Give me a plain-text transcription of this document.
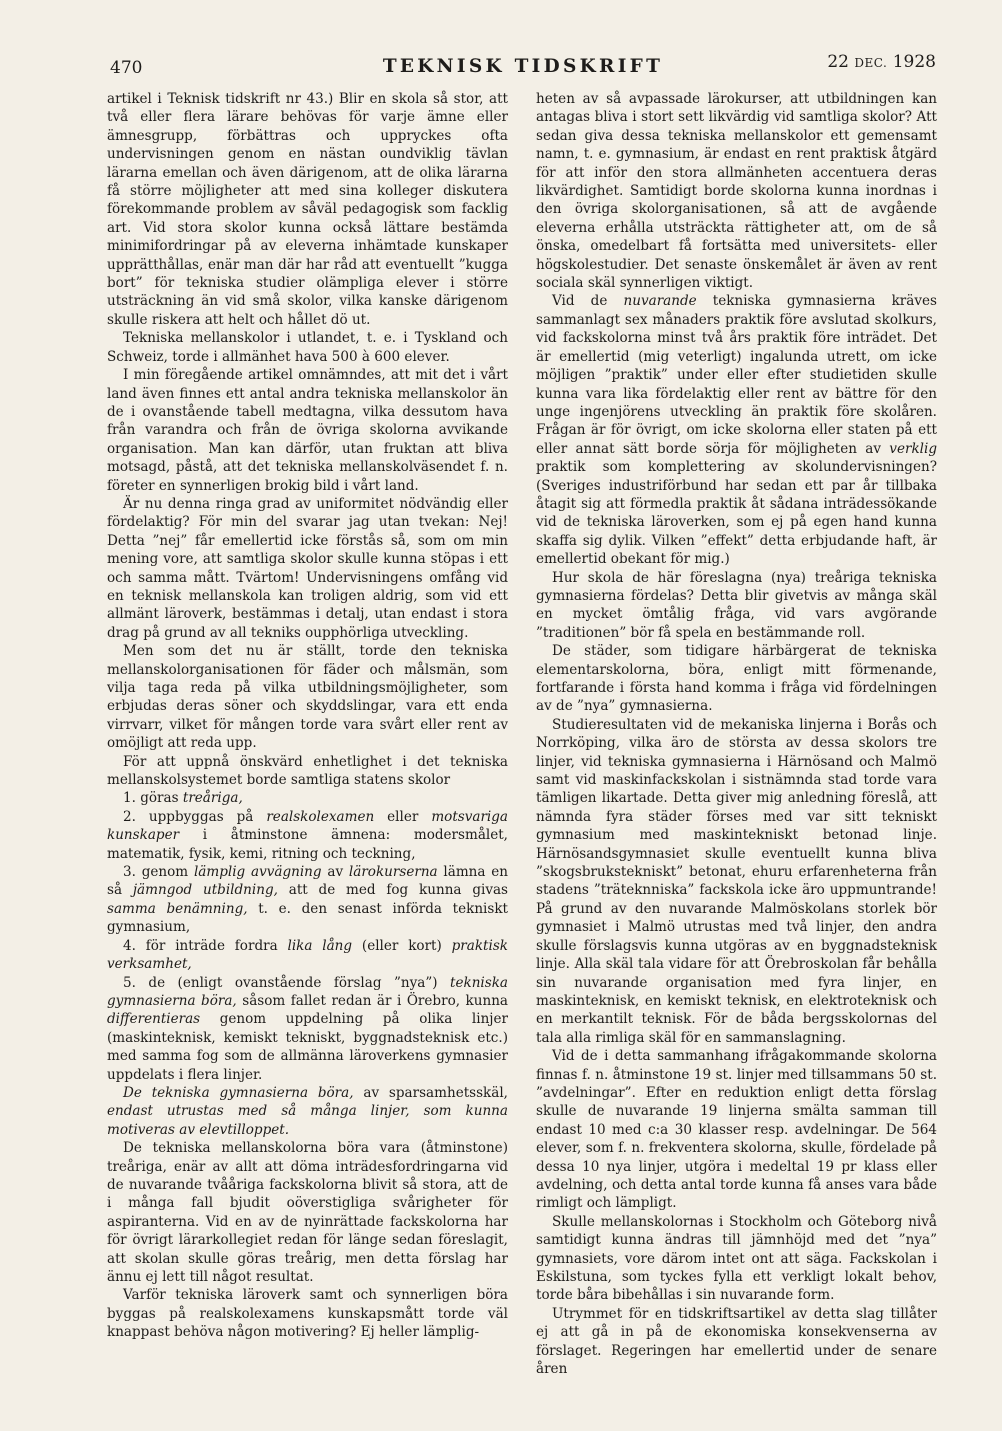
470	TEKNISK TIDSKRIFT	22 DEC. 1928

artikel i Teknisk tidskrift nr 43.) Blir en skola så stor, att två eller flera lärare behövas för varje ämne eller ämnesgrupp, förbättras och uppryckes ofta undervisningen genom en nästan oundviklig tävlan lärarna emellan och även därigenom, att de olika lärarna få större möjligheter att med sina kolleger diskutera förekommande problem av såväl pedagogisk som facklig art. Vid stora skolor kunna också lättare bestämda minimifordringar på av eleverna inhämtade kunskaper upprätthållas, enär man där har råd att eventuellt ”kugga bort” för tekniska studier olämpliga elever i större utsträckning än vid små skolor, vilka kanske därigenom skulle riskera att helt och hållet dö ut.

Tekniska mellanskolor i utlandet, t. e. i Tyskland och Schweiz, torde i allmänhet hava 500 à 600 elever.

I min föregående artikel omnämndes, att mit det i vårt land även finnes ett antal andra tekniska mellanskolor än de i ovanstående tabell medtagna, vilka dessutom hava från varandra och från de övriga skolorna avvikande organisation. Man kan därför, utan fruktan att bliva motsagd, påstå, att det tekniska mellanskolväsendet f. n. företer en synnerligen brokig bild i vårt land.

Är nu denna ringa grad av uniformitet nödvändig eller fördelaktig? För min del svarar jag utan tvekan: Nej! Detta ”nej” får emellertid icke förstås så, som om min mening vore, att samtliga skolor skulle kunna stöpas i ett och samma mått. Tvärtom! Undervisningens omfång vid en teknisk mellanskola kan troligen aldrig, som vid ett allmänt läroverk, bestämmas i detalj, utan endast i stora drag på grund av all tekniks oupphörliga utveckling.

Men som det nu är ställt, torde den tekniska mellanskolorganisationen för fäder och målsmän, som vilja taga reda på vilka utbildningsmöjligheter, som erbjudas deras söner och skyddslingar, vara ett enda virrvarr, vilket för mången torde vara svårt eller rent av omöjligt att reda upp.

För att uppnå önskvärd enhetlighet i det tekniska mellanskolsystemet borde samtliga statens skolor

1. göras treåriga,

2. uppbyggas på realskolexamen eller motsvariga kunskaper i åtminstone ämnena: modersmålet, matematik, fysik, kemi, ritning och teckning,

3. genom lämplig avvägning av lärokurserna lämna en så jämngod utbildning, att de med fog kunna givas samma benämning, t. e. den senast införda tekniskt gymnasium,

4. för inträde fordra lika lång (eller kort) praktisk verksamhet,

5. de (enligt ovanstående förslag ”nya”) tekniska gymnasierna böra, såsom fallet redan är i Örebro, kunna differentieras genom uppdelning på olika linjer (maskinteknisk, kemiskt tekniskt, byggnadsteknisk etc.) med samma fog som de allmänna läroverkens gymnasier uppdelats i flera linjer.

De tekniska gymnasierna böra, av sparsamhetsskäl, endast utrustas med så många linjer, som kunna motiveras av elevtilloppet.

De tekniska mellanskolorna böra vara (åtminstone) treåriga, enär av allt att döma inträdesfordringarna vid de nuvarande tvååriga fackskolorna blivit så stora, att de i många fall bjudit oöverstigliga svårigheter för aspiranterna. Vid en av de nyinrättade fackskolorna har för övrigt lärarkollegiet redan för länge sedan föreslagit, att skolan skulle göras treårig, men detta förslag har ännu ej lett till något resultat.

Varför tekniska läroverk samt och synnerligen böra byggas på realskolexamens kunskapsmått torde väl knappast behöva någon motivering? Ej heller lämplig-

heten av så avpassade lärokurser, att utbildningen kan antagas bliva i stort sett likvärdig vid samtliga skolor? Att sedan giva dessa tekniska mellanskolor ett gemensamt namn, t. e. gymnasium, är endast en rent praktisk åtgärd för att inför den stora allmänheten accentuera deras likvärdighet. Samtidigt borde skolorna kunna inordnas i den övriga skolorganisationen, så att de avgående eleverna erhålla utsträckta rättigheter att, om de så önska, omedelbart få fortsätta med universitets- eller högskolestudier. Det senaste önskemålet är även av rent sociala skäl synnerligen viktigt.

Vid de nuvarande tekniska gymnasierna kräves sammanlagt sex månaders praktik före avslutad skolkurs, vid fackskolorna minst två års praktik före inträdet. Det är emellertid (mig veterligt) ingalunda utrett, om icke möjligen ”praktik” under eller efter studietiden skulle kunna vara lika fördelaktig eller rent av bättre för den unge ingenjörens utveckling än praktik före skolåren. Frågan är för övrigt, om icke skolorna eller staten på ett eller annat sätt borde sörja för möjligheten av verklig praktik som komplettering av skolundervisningen? (Sveriges industriförbund har sedan ett par år tillbaka åtagit sig att förmedla praktik åt sådana inträdessökande vid de tekniska läroverken, som ej på egen hand kunna skaffa sig dylik. Vilken ”effekt” detta erbjudande haft, är emellertid obekant för mig.)

Hur skola de här föreslagna (nya) treåriga tekniska gymnasierna fördelas? Detta blir givetvis av många skäl en mycket ömtålig fråga, vid vars avgörande ”traditionen” bör få spela en bestämmande roll.

De städer, som tidigare härbärgerat de tekniska elementarskolorna, böra, enligt mitt förmenande, fortfarande i första hand komma i fråga vid fördelningen av de ”nya” gymnasierna.

Studieresultaten vid de mekaniska linjerna i Borås och Norrköping, vilka äro de största av dessa skolors tre linjer, vid tekniska gymnasierna i Härnösand och Malmö samt vid maskinfackskolan i sistnämnda stad torde vara tämligen likartade. Detta giver mig anledning föreslå, att nämnda fyra städer förses med var sitt tekniskt gymnasium med maskintekniskt betonad linje. Härnösandsgymnasiet skulle eventuellt kunna bliva ”skogsbrukstekniskt” betonat, ehuru erfarenheterna från stadens ”träteknniska” fackskola icke äro uppmuntrande! På grund av den nuvarande Malmöskolans storlek bör gymnasiet i Malmö utrustas med två linjer, den andra skulle förslagsvis kunna utgöras av en byggnadsteknisk linje. Alla skäl tala vidare för att Örebroskolan får behålla sin nuvarande organisation med fyra linjer, en maskinteknisk, en kemiskt teknisk, en elektroteknisk och en merkantilt teknisk. För de båda bergsskolornas del tala alla rimliga skäl för en sammanslagning.

Vid de i detta sammanhang ifrågakommande skolorna finnas f. n. åtminstone 19 st. linjer med tillsammans 50 st. ”avdelningar”. Efter en reduktion enligt detta förslag skulle de nuvarande 19 linjerna smälta samman till endast 10 med c:a 30 klasser resp. avdelningar. De 564 elever, som f. n. frekventera skolorna, skulle, fördelade på dessa 10 nya linjer, utgöra i medeltal 19 pr klass eller avdelning, och detta antal torde kunna få anses vara både rimligt och lämpligt.

Skulle mellanskolornas i Stockholm och Göteborg nivå samtidigt kunna ändras till jämnhöjd med det ”nya” gymnasiets, vore därom intet ont att säga. Fackskolan i Eskilstuna, som tyckes fylla ett verkligt lokalt behov, torde båra bibehållas i sin nuvarande form.

Utrymmet för en tidskriftsartikel av detta slag tillåter ej att gå in på de ekonomiska konsekvenserna av förslaget. Regeringen har emellertid under de senare åren
